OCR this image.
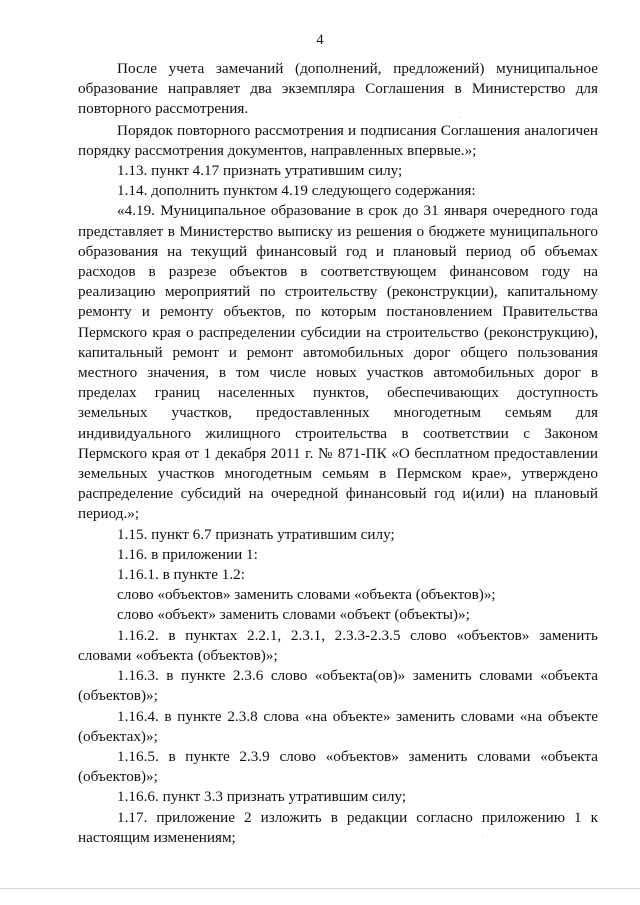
4

После учета замечаний (дополнений, предложений) муниципальное образование направляет два экземпляра Соглашения в Министерство для повторного рассмотрения.

Порядок повторного рассмотрения и подписания Соглашения аналогичен порядку рассмотрения документов, направленных впервые.»;

1.13. пункт 4.17 признать утратившим силу;

1.14. дополнить пунктом 4.19 следующего содержания:

«4.19. Муниципальное образование в срок до 31 января очередного года представляет в Министерство выписку из решения о бюджете муниципального образования на текущий финансовый год и плановый период об объемах расходов в разрезе объектов в соответствующем финансовом году на реализацию мероприятий по строительству (реконструкции), капитальному ремонту и ремонту объектов, по которым постановлением Правительства Пермского края о распределении субсидии на строительство (реконструкцию), капитальный ремонт и ремонт автомобильных дорог общего пользования местного значения, в том числе новых участков автомобильных дорог в пределах границ населенных пунктов, обеспечивающих доступность земельных участков, предоставленных многодетным семьям для индивидуального жилищного строительства в соответствии с Законом Пермского края от 1 декабря 2011 г. № 871-ПК «О бесплатном предоставлении земельных участков многодетным семьям в Пермском крае», утверждено распределение субсидий на очередной финансовый год и(или) на плановый период.»;

1.15. пункт 6.7 признать утратившим силу;

1.16. в приложении 1:

1.16.1. в пункте 1.2:

слово «объектов» заменить словами «объекта (объектов)»;

слово «объект» заменить словами «объект (объекты)»;

1.16.2. в пунктах 2.2.1, 2.3.1, 2.3.3-2.3.5 слово «объектов» заменить словами «объекта (объектов)»;

1.16.3. в пункте 2.3.6 слово «объекта(ов)» заменить словами «объекта (объектов)»;

1.16.4. в пункте 2.3.8 слова «на объекте» заменить словами «на объекте (объектах)»;

1.16.5. в пункте 2.3.9 слово «объектов» заменить словами «объекта (объектов)»;

1.16.6. пункт 3.3 признать утратившим силу;

1.17. приложение 2 изложить в редакции согласно приложению 1 к настоящим изменениям;
